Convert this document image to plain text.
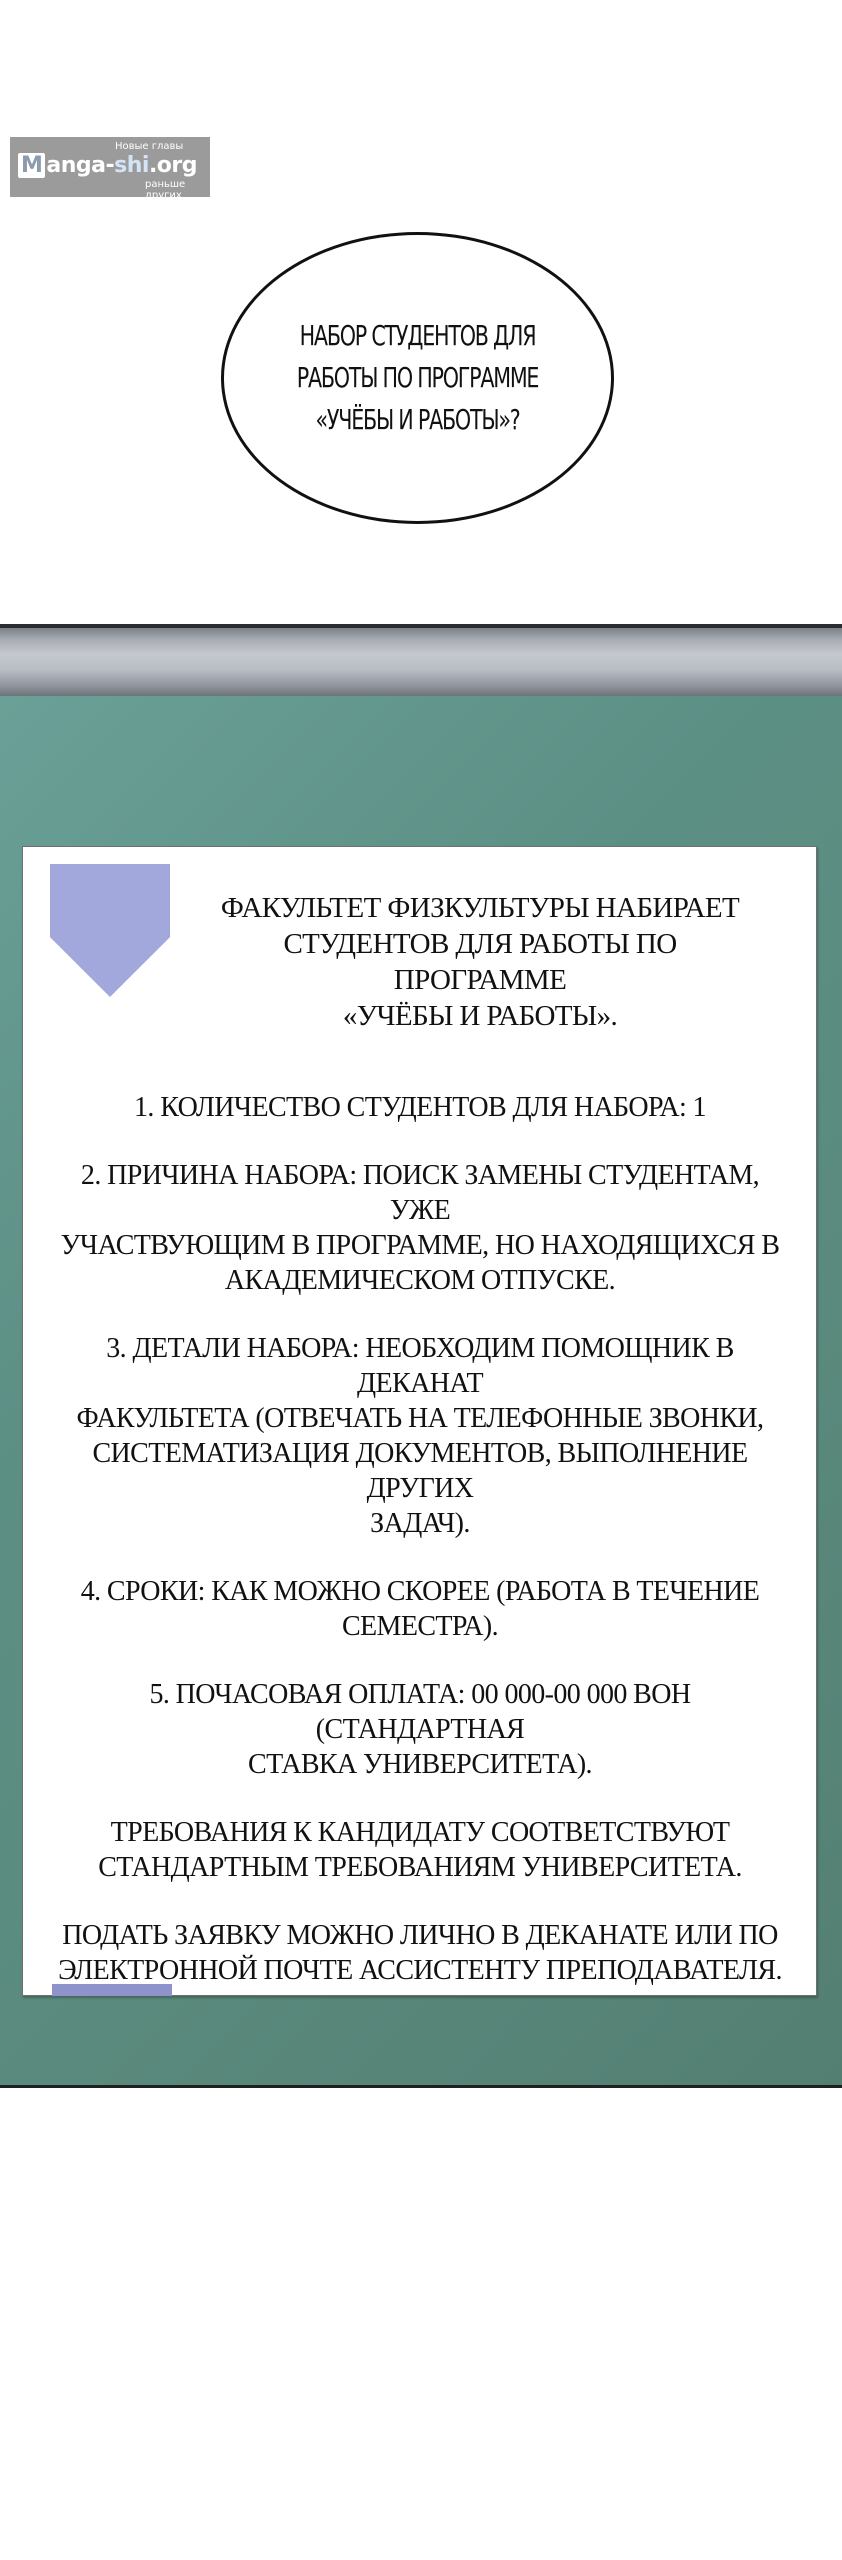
Новые главы
M anga-shi.org
раньше других
НАБОР СТУДЕНТОВ ДЛЯ
РАБОТЫ ПО ПРОГРАММЕ
«УЧЁБЫ И РАБОТЫ»?
ФАКУЛЬТЕТ ФИЗКУЛЬТУРЫ НАБИРАЕТ
СТУДЕНТОВ ДЛЯ РАБОТЫ ПО ПРОГРАММЕ
«УЧЁБЫ И РАБОТЫ».

1. КОЛИЧЕСТВО СТУДЕНТОВ ДЛЯ НАБОРА: 1

2. ПРИЧИНА НАБОРА: ПОИСК ЗАМЕНЫ СТУДЕНТАМ, УЖЕ
УЧАСТВУЮЩИМ В ПРОГРАММЕ, НО НАХОДЯЩИХСЯ В
АКАДЕМИЧЕСКОМ ОТПУСКЕ.

3. ДЕТАЛИ НАБОРА: НЕОБХОДИМ ПОМОЩНИК В ДЕКАНАТ
ФАКУЛЬТЕТА (ОТВЕЧАТЬ НА ТЕЛЕФОННЫЕ ЗВОНКИ,
СИСТЕМАТИЗАЦИЯ ДОКУМЕНТОВ, ВЫПОЛНЕНИЕ ДРУГИХ
ЗАДАЧ).

4. СРОКИ: КАК МОЖНО СКОРЕЕ (РАБОТА В ТЕЧЕНИЕ
СЕМЕСТРА).

5. ПОЧАСОВАЯ ОПЛАТА: 00 000-00 000 ВОН (СТАНДАРТНАЯ
СТАВКА УНИВЕРСИТЕТА).

ТРЕБОВАНИЯ К КАНДИДАТУ СООТВЕТСТВУЮТ
СТАНДАРТНЫМ ТРЕБОВАНИЯМ УНИВЕРСИТЕТА.

ПОДАТЬ ЗАЯВКУ МОЖНО ЛИЧНО В ДЕКАНАТЕ ИЛИ ПО
ЭЛЕКТРОННОЙ ПОЧТЕ АССИСТЕНТУ ПРЕПОДАВАТЕЛЯ.
